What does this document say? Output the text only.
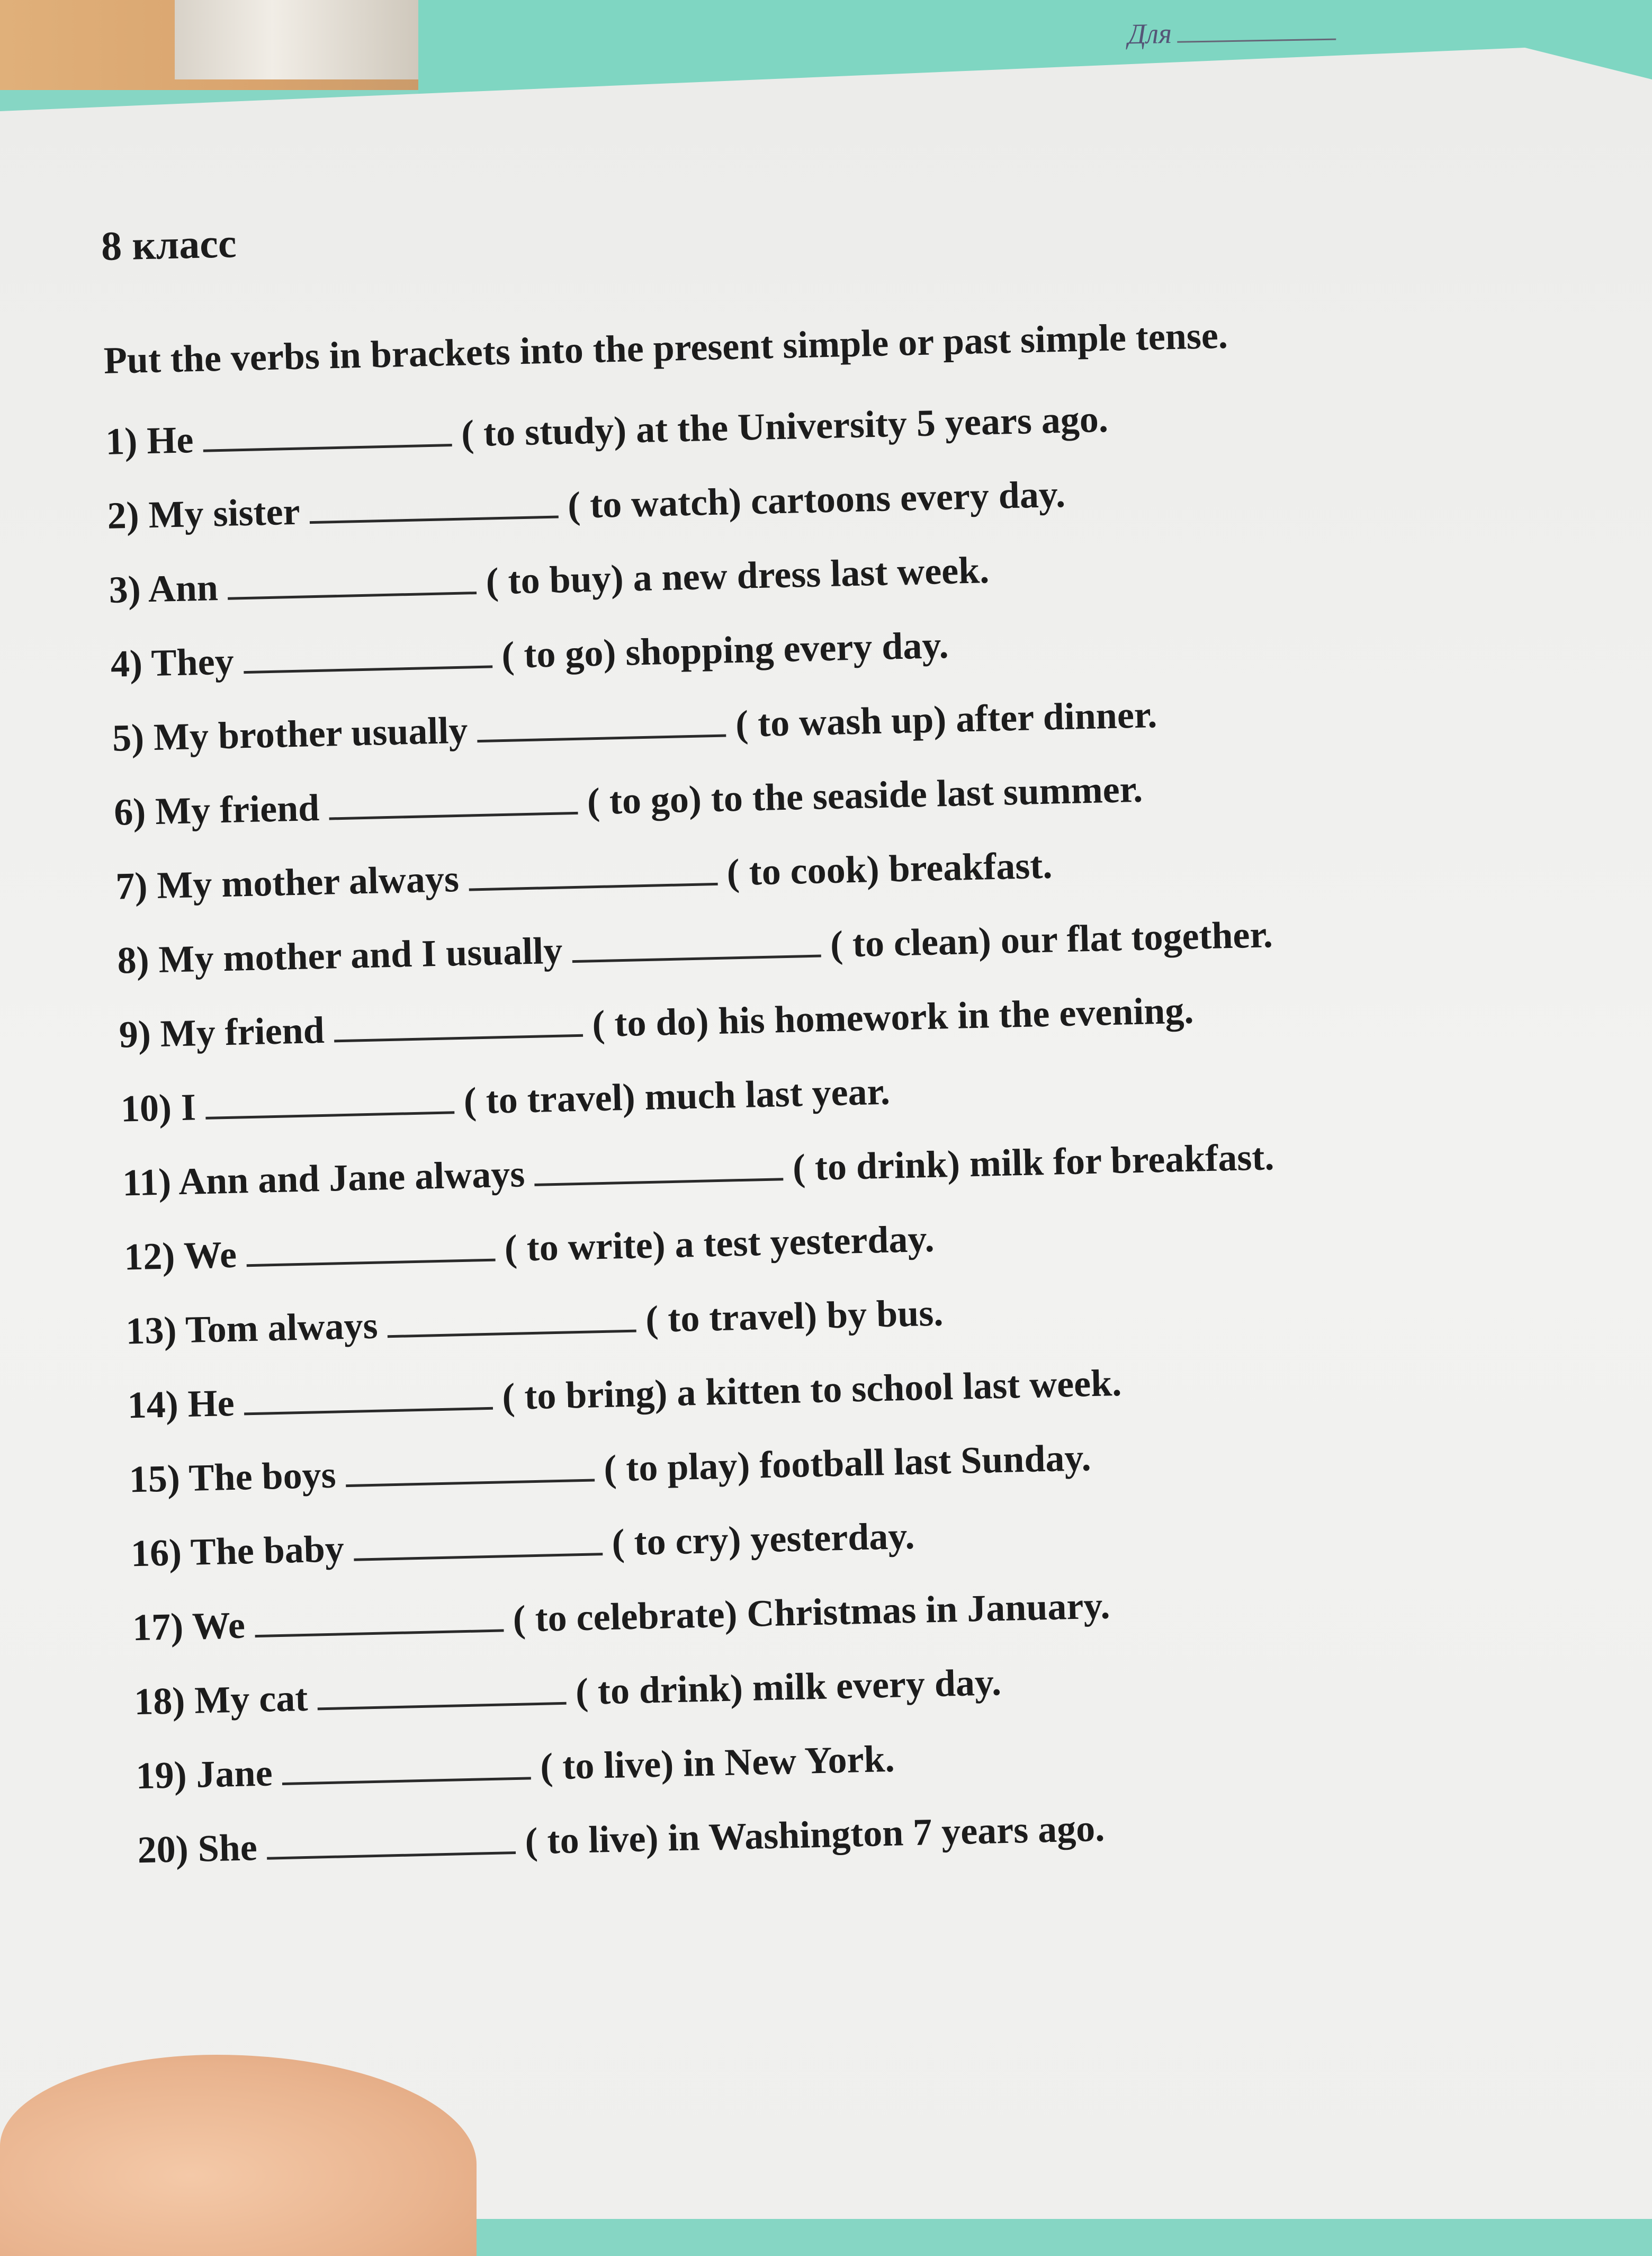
Для
8 класс
Put the verbs in brackets into the present simple or past simple tense.
1) He	( to study) at the University 5 years ago.
2) My sister	( to watch) cartoons every day.
3) Ann	( to buy) a new dress last week.
4) They	( to go) shopping every day.
5) My brother usually	( to wash up) after dinner.
6) My friend	( to go) to the seaside last summer.
7) My mother always	( to cook) breakfast.
8) My mother and I usually	( to clean) our flat together.
9) My friend	( to do) his homework in the evening.
10) I	( to travel) much last year.
11) Ann and Jane always	( to drink) milk for breakfast.
12) We	( to write) a test yesterday.
13) Tom always	( to travel) by bus.
14) He	( to bring) a kitten to school last week.
15) The boys	( to play) football last Sunday.
16) The baby	( to cry) yesterday.
17) We	( to celebrate) Christmas in January.
18) My cat	( to drink) milk every day.
19) Jane	( to live) in New York.
20) She	( to live) in Washington 7 years ago.
